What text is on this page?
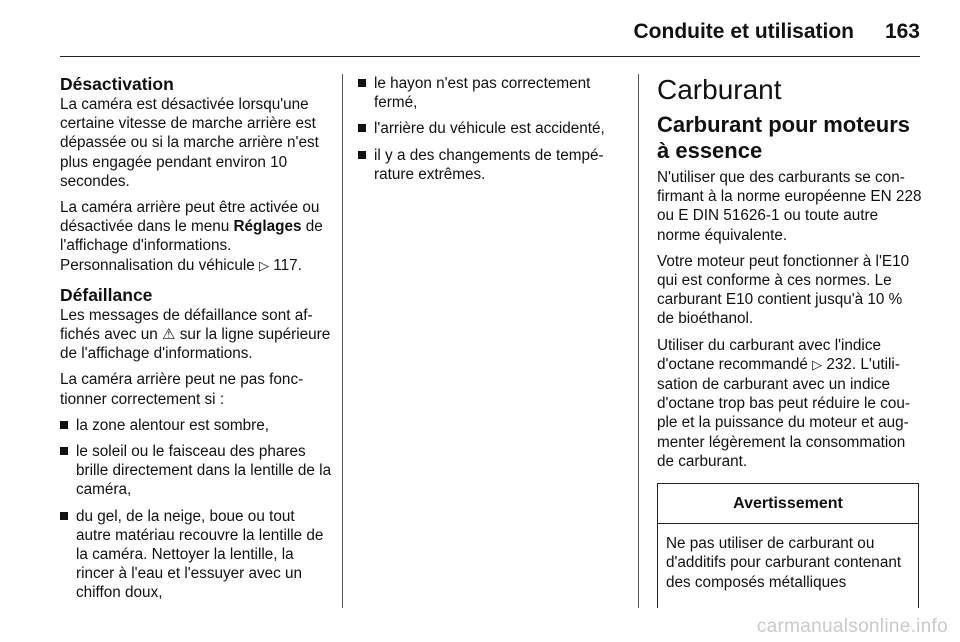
Conduite et utilisation 163
Désactivation

La caméra est désactivée lorsqu'une certaine vitesse de marche arrière est dépassée ou si la marche arrière n'est plus engagée pendant environ 10 secondes.

La caméra arrière peut être activée ou désactivée dans le menu Réglages de l'affichage d'informations. Personnalisation du véhicule ▷ 117.

Défaillance

Les messages de défaillance sont affichés avec un ⚠ sur la ligne supérieure de l'affichage d'informations.

La caméra arrière peut ne pas fonctionner correctement si :

la zone alentour est sombre,
le soleil ou le faisceau des phares brille directement dans la lentille de la caméra,
du gel, de la neige, boue ou tout autre matériau recouvre la lentille de la caméra. Nettoyer la lentille, la rincer à l'eau et l'essuyer avec un chiffon doux,
le hayon n'est pas correctement fermé,
l'arrière du véhicule est accidenté,
il y a des changements de température extrêmes.
Carburant
Carburant pour moteurs à essence

N'utiliser que des carburants se confirmant à la norme européenne EN 228 ou E DIN 51626-1 ou toute autre norme équivalente.

Votre moteur peut fonctionner à l'E10 qui est conforme à ces normes. Le carburant E10 contient jusqu'à 10 % de bioéthanol.

Utiliser du carburant avec l'indice d'octane recommandé ▷ 232. L'utilisation de carburant avec un indice d'octane trop bas peut réduire le couple et la puissance du moteur et augmenter légèrement la consommation de carburant.

Avertissement
Ne pas utiliser de carburant ou d'additifs pour carburant contenant des composés métalliques
carmanualsonline.info
